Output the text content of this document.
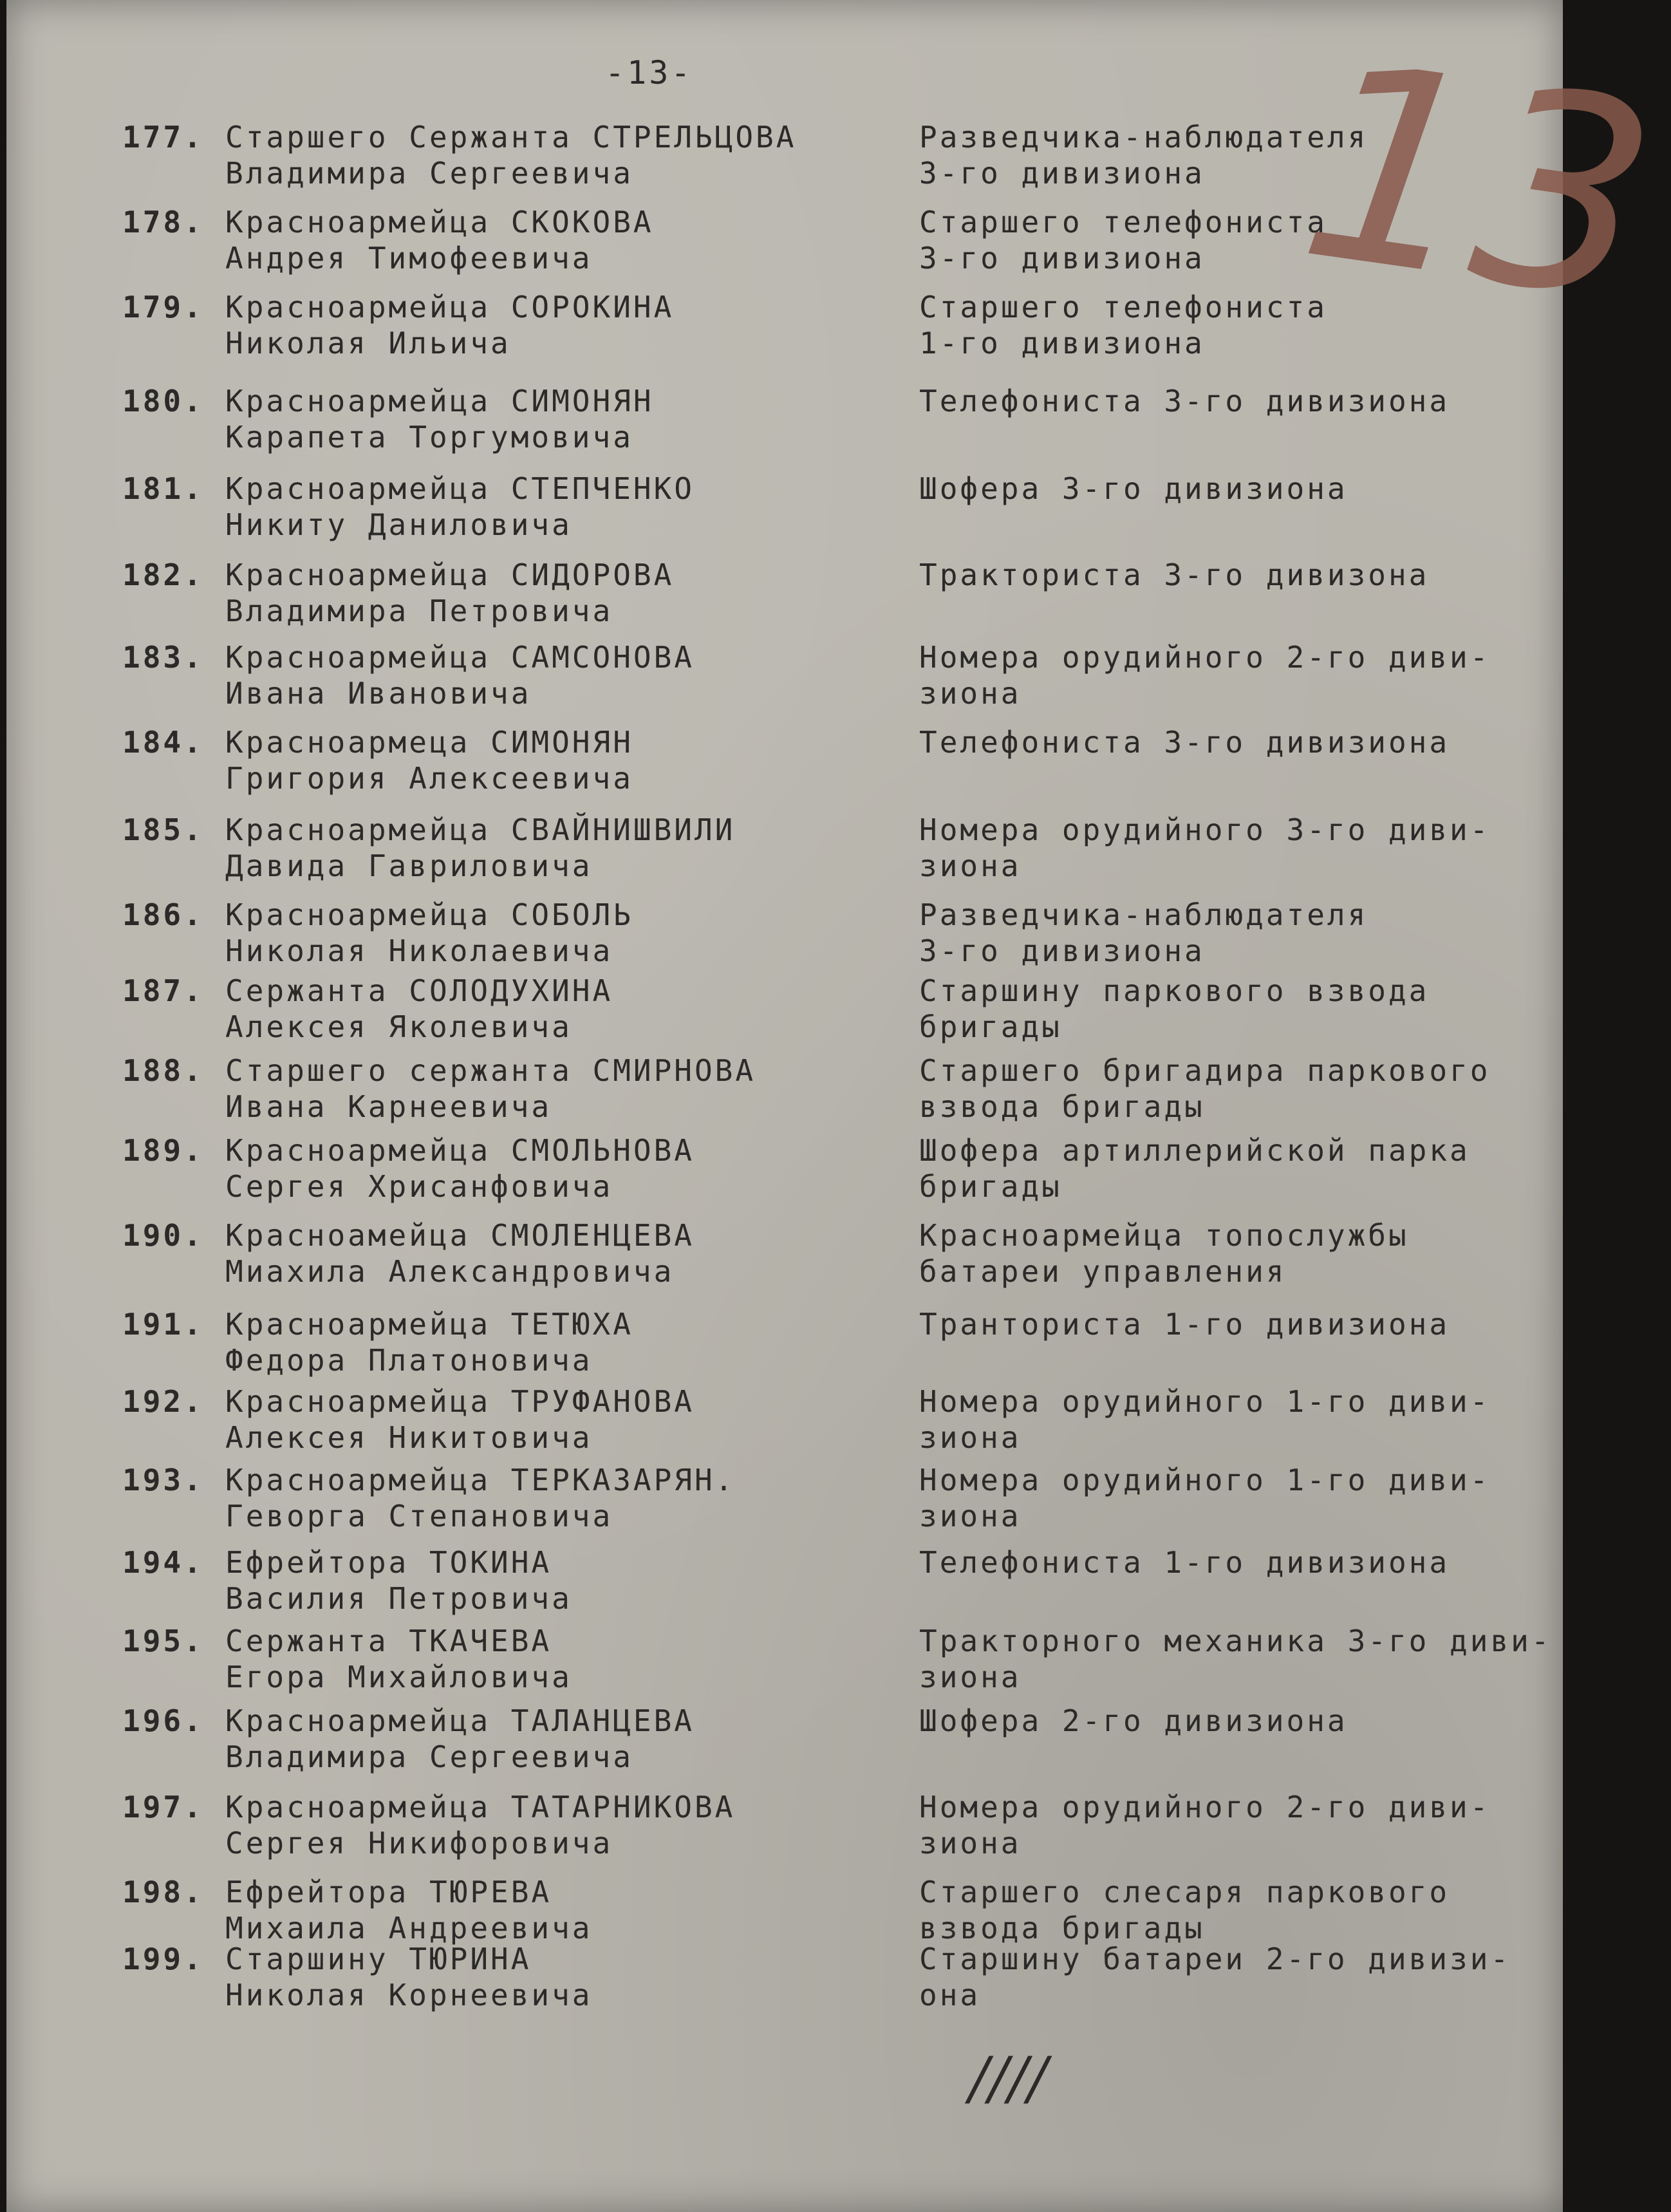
-13- 13
177. Старшего Сержанта СТРЕЛЬЦОВА
Владимира Сергеевича
Разведчика-наблюдателя
3-го дивизиона
178. Красноармейца СКОКОВА
Андрея Тимофеевича
Старшего телефониста
3-го дивизиона
179. Красноармейца СОРОКИНА
Николая Ильича
Старшего телефониста
1-го дивизиона
180. Красноармейца СИМОНЯН
Карапета Торгумовича
Телефониста 3-го дивизиона
181. Красноармейца СТЕПЧЕНКО
Никиту Даниловича
Шофера 3-го дивизиона
182. Красноармейца СИДОРОВА
Владимира Петровича
Тракториста 3-го дивизона
183. Красноармейца САМСОНОВА
Ивана Ивановича
Номера орудийного 2-го диви-
зиона
184. Красноармеца СИМОНЯН
Григория Алексеевича
Телефониста 3-го дивизиона
185. Красноармейца СВАЙНИШВИЛИ
Давида Гавриловича
Номера орудийного 3-го диви-
зиона
186. Красноармейца СОБОЛЬ
Николая Николаевича
Разведчика-наблюдателя
3-го дивизиона
187. Сержанта СОЛОДУХИНА
Алексея Яколевича
Старшину паркового взвода
бригады
188. Старшего сержанта СМИРНОВА
Ивана Карнеевича
Старшего бригадира паркового
взвода бригады
189. Красноармейца СМОЛЬНОВА
Сергея Хрисанфовича
Шофера артиллерийской парка
бригады
190. Красноамейца СМОЛЕНЦЕВА
Миахила Александровича
Красноармейца топослужбы
батареи управления
191. Красноармейца ТЕТЮХА
Федора Платоновича
Транториста 1-го дивизиона
192. Красноармейца ТРУФАНОВА
Алексея Никитовича
Номера орудийного 1-го диви-
зиона
193. Красноармейца ТЕРКАЗАРЯН.
Геворга Степановича
Номера орудийного 1-го диви-
зиона
194. Ефрейтора ТОКИНА
Василия Петровича
Телефониста 1-го дивизиона
195. Сержанта ТКАЧЕВА
Егора Михайловича
Тракторного механика 3-го диви-
зиона
196. Красноармейца ТАЛАНЦЕВА
Владимира Сергеевича
Шофера 2-го дивизиона
197. Красноармейца ТАТАРНИКОВА
Сергея Никифоровича
Номера орудийного 2-го диви-
зиона
198. Ефрейтора ТЮРЕВА
Михаила Андреевича
Старшего слесаря паркового
взвода бригады
199. Старшину ТЮРИНА
Николая Корнеевича
Старшину батареи 2-го дивизи-
она
////
